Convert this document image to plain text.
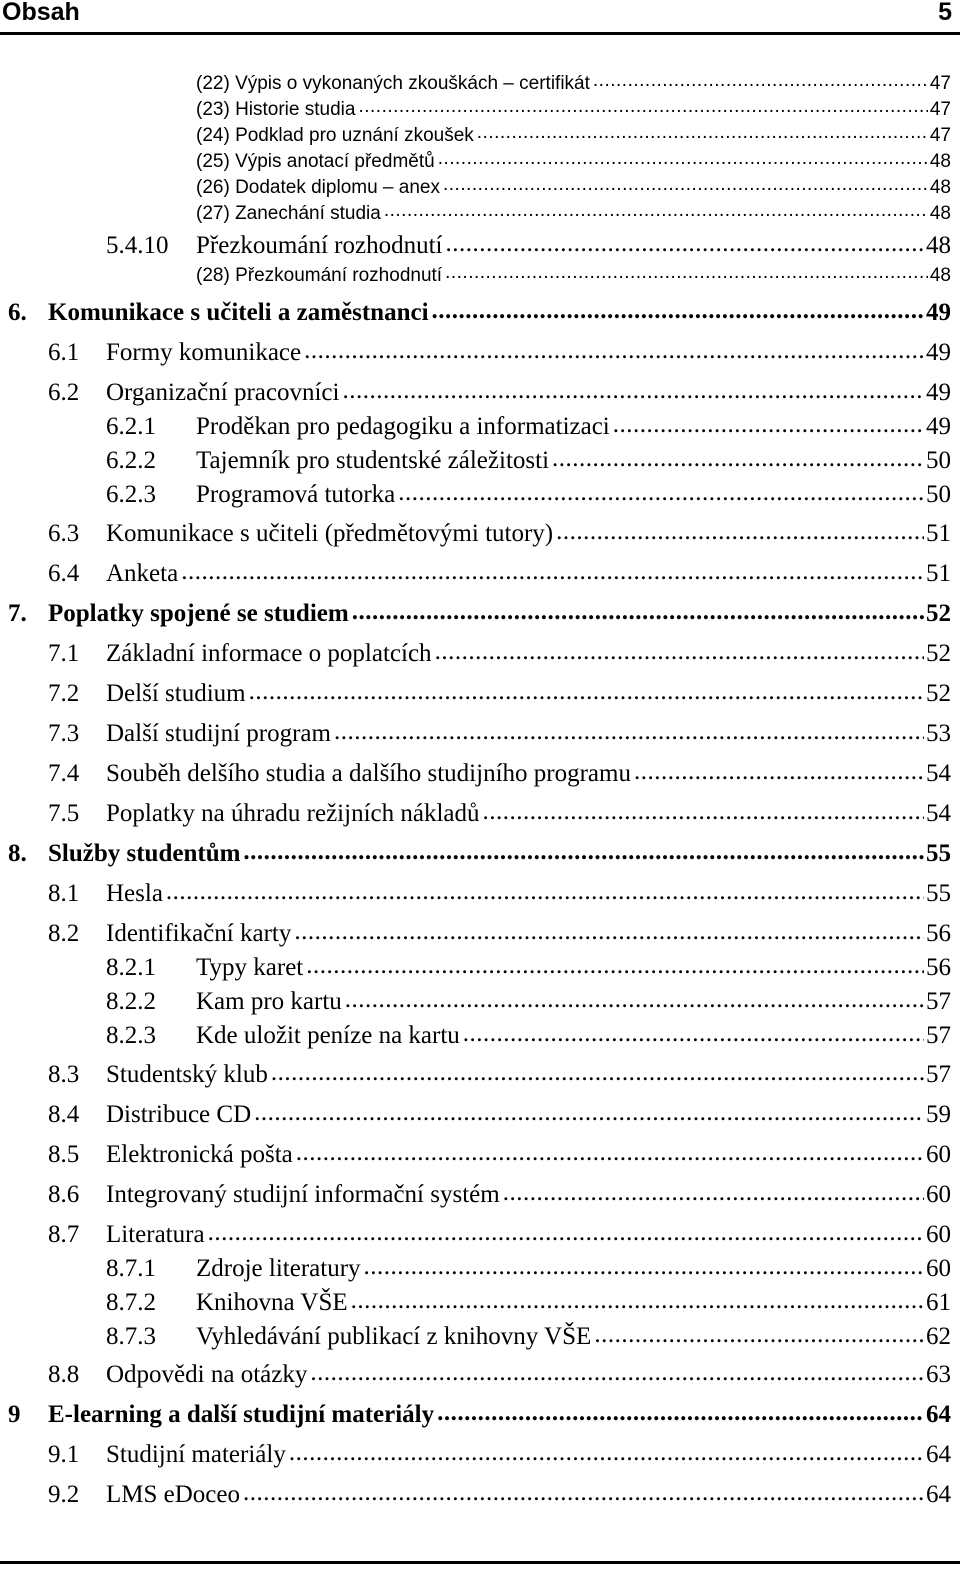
Obsah	5
(22) Výpis o vykonaných zkouškách – certifikát .....	47
(23) Historie studia .....	47
(24) Podklad pro uznání zkoušek .....	47
(25) Výpis anotací předmětů .....	48
(26) Dodatek diplomu – anex .....	48
(27) Zanechání studia .....	48
5.4.10	Přezkoumání rozhodnutí .....	48
(28) Přezkoumání rozhodnutí .....	48
6. Komunikace s učiteli a zaměstnanci .....	49
6.1	Formy komunikace .....	49
6.2	Organizační pracovníci .....	49
6.2.1	Proděkan pro pedagogiku a informatizaci .....	49
6.2.2	Tajemník pro studentské záležitosti .....	50
6.2.3	Programová tutorka .....	50
6.3	Komunikace s učiteli (předmětovými tutory) .....	51
6.4	Anketa .....	51
7. Poplatky spojené se studiem .....	52
7.1	Základní informace o poplatcích .....	52
7.2	Delší studium .....	52
7.3	Další studijní program .....	53
7.4	Souběh delšího studia a dalšího studijního programu .....	54
7.5	Poplatky na úhradu režijních nákladů .....	54
8. Služby studentům .....	55
8.1	Hesla .....	55
8.2	Identifikační karty .....	56
8.2.1	Typy karet .....	56
8.2.2	Kam pro kartu .....	57
8.2.3	Kde uložit peníze na kartu .....	57
8.3	Studentský klub .....	57
8.4	Distribuce CD .....	59
8.5	Elektronická pošta .....	60
8.6	Integrovaný studijní informační systém .....	60
8.7	Literatura .....	60
8.7.1	Zdroje literatury .....	60
8.7.2	Knihovna VŠE .....	61
8.7.3	Vyhledávání publikací z knihovny VŠE .....	62
8.8	Odpovědi na otázky .....	63
9	E-learning a další studijní materiály .....	64
9.1	Studijní materiály .....	64
9.2	LMS eDoceo .....	64
